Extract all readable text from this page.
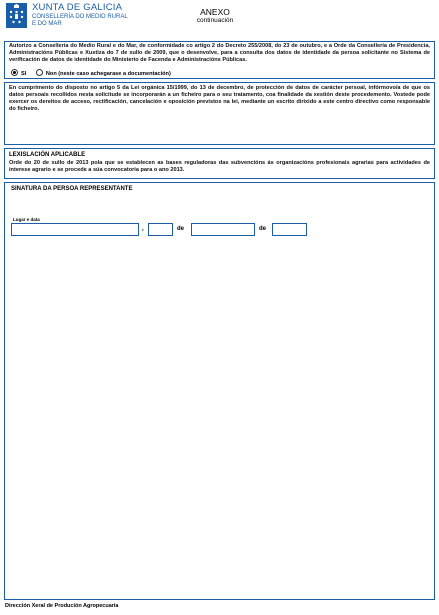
XUNTA DE GALICIA
CONSELLERÍA DO MEDIO RURAL
E DO MAR
ANEXO
continuación

Autorizo a Consellería do Medio Rural e do Mar, de conformidade co artigo 2 do Decreto 255/2008, do 23 de outubro, e a Orde da Consellería de Presidencia, Administracións Públicas e Xustiza do 7 de xullo de 2009, que o desenvolve, para a consulta dos datos de identidade da persoa solicitante no Sistema de verificación de datos de identidade do Ministerio de Facenda e Administracións Públicas.

SI	Non (neste caso achegarase a documentación)

En cumprimento do disposto no artigo 5 da Lei orgánica 15/1999, do 13 de decembro, de protección de datos de carácter persoal, infórmovo/a de que os datos persoais recollidos nesta solicitude se incorporarán a un ficheiro para o seu tratamento, coa finalidade da xestión deste procedemento. Vostede pode exercer os dereitos de acceso, rectificación, cancelación e oposición previstos na lei, mediante un escrito dirixido a este centro directivo como responsable do ficheiro.

LEXISLACIÓN APLICABLE

Orde do 20 de xullo de 2013 pola que se establecen as bases reguladoras das subvencións ás organizacións profesionais agrarias para actividades de interese agrario e se procede a súa convocatoria para o ano 2013.

SINATURA DA PERSOA REPRESENTANTE
Lugar e data
,	de	de
Dirección Xeral de Produción Agropecuaria
